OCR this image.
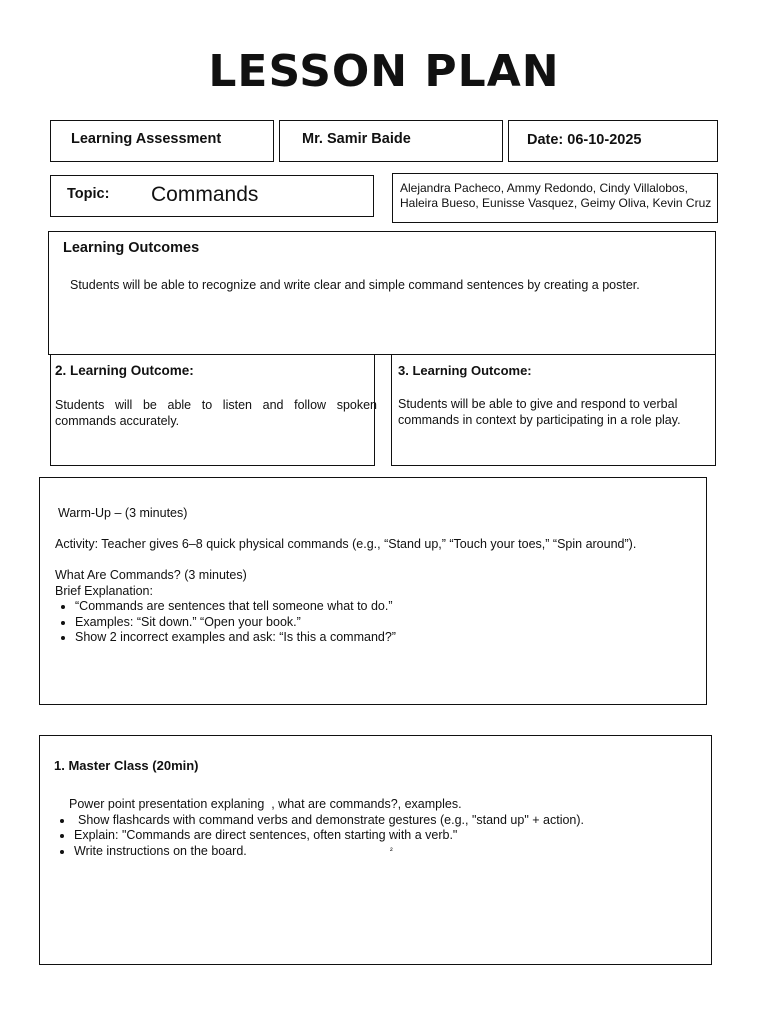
LESSON PLAN
Learning Assessment	Mr. Samir Baide	Date: 06-10-2025
Topic: Commands	Alejandra Pacheco, Ammy Redondo, Cindy Villalobos, Haleira Bueso, Eunisse Vasquez, Geimy Oliva, Kevin Cruz

Learning Outcomes

Students will be able to recognize and write clear and simple command sentences by creating a poster.

2. Learning Outcome:

Students will be able to listen and follow spoken commands accurately.

3. Learning Outcome:

Students will be able to give and respond to verbal commands in context by participating in a role play.

Warm-Up – (3 minutes)

Activity: Teacher gives 6–8 quick physical commands (e.g., “Stand up,” “Touch your toes,” “Spin around”).

What Are Commands? (3 minutes)

Brief Explanation:

• “Commands are sentences that tell someone what to do.”
• Examples: “Sit down.” “Open your book.”
• Show 2 incorrect examples and ask: “Is this a command?”
1. Master Class (20min)

Power point presentation explaning  , what are commands?, examples.

• Show flashcards with command verbs and demonstrate gestures (e.g., "stand up" + action).
• Explain: "Commands are direct sentences, often starting with a verb."
• Write instructions on the board.	²
